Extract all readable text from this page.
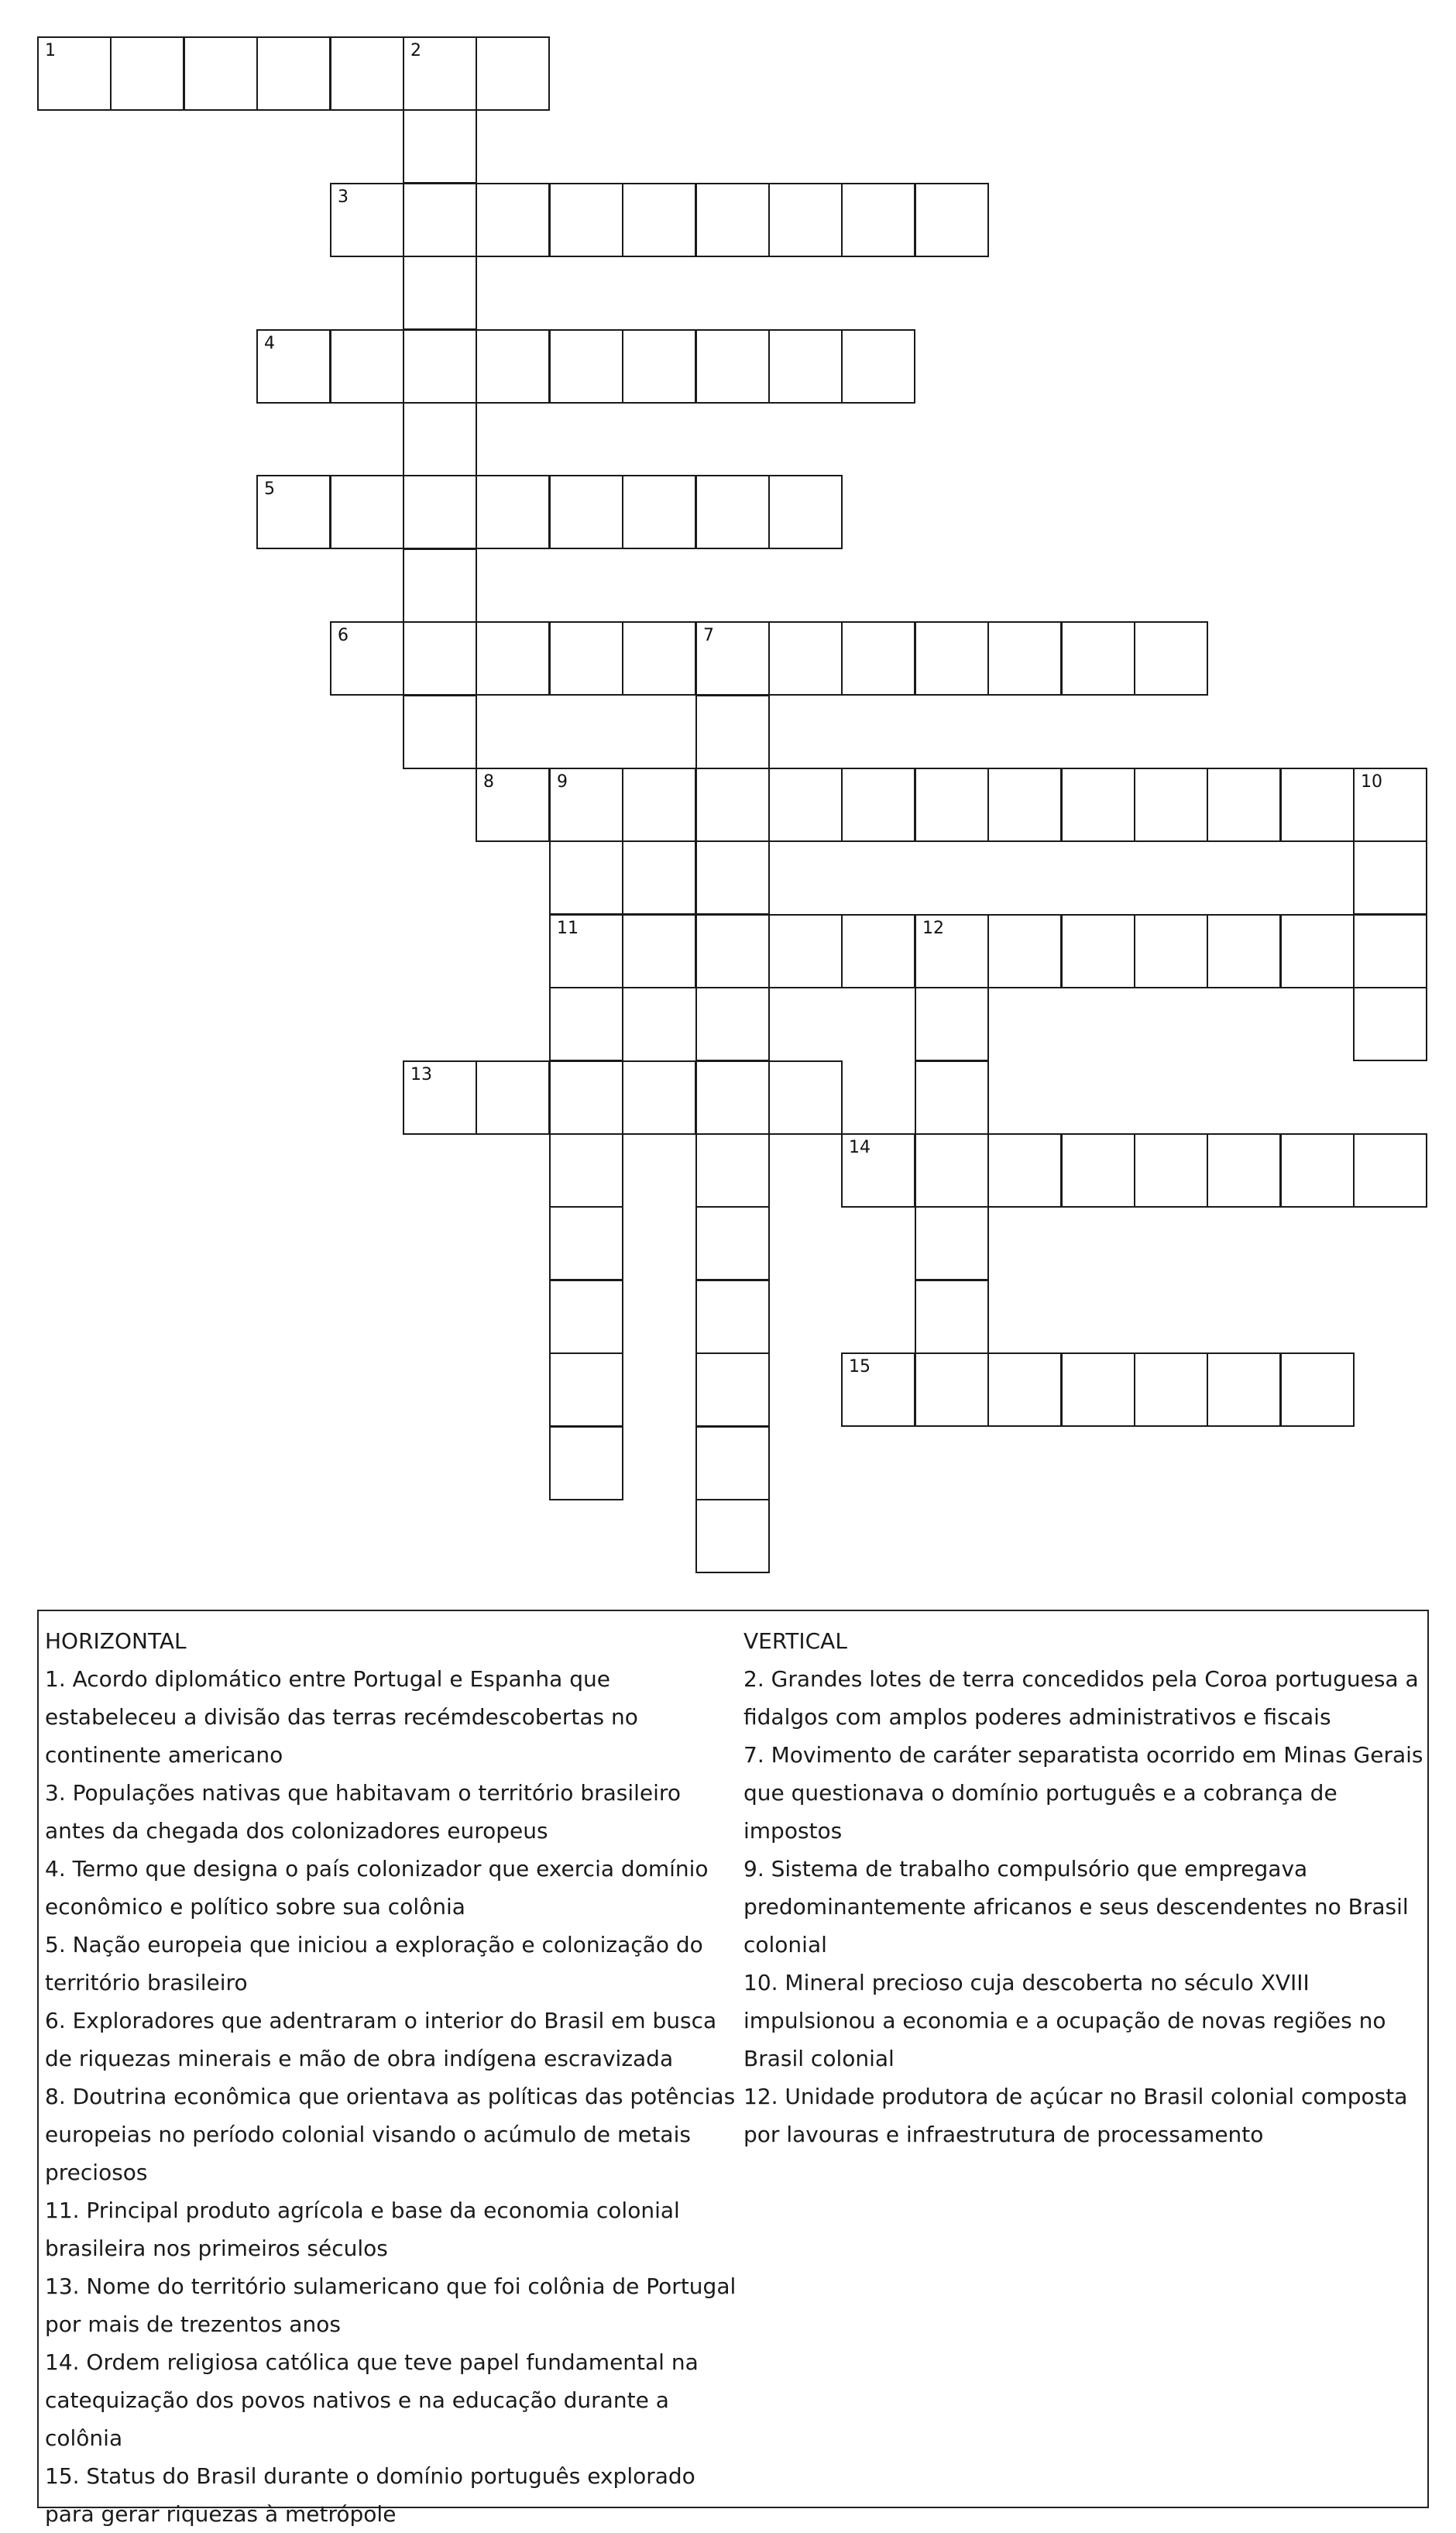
1	2
3
4
5
6	7
8	9	10
11	12
13
14
15

HORIZONTAL

1. Acordo diplomático entre Portugal e Espanha que estabeleceu a divisão das terras recémdescobertas no continente americano

3. Populações nativas que habitavam o território brasileiro antes da chegada dos colonizadores europeus

4. Termo que designa o país colonizador que exercia domínio econômico e político sobre sua colônia

5. Nação europeia que iniciou a exploração e colonização do território brasileiro

6. Exploradores que adentraram o interior do Brasil em busca de riquezas minerais e mão de obra indígena escravizada

8. Doutrina econômica que orientava as políticas das potências europeias no período colonial visando o acúmulo de metais preciosos

11. Principal produto agrícola e base da economia colonial brasileira nos primeiros séculos

13. Nome do território sulamericano que foi colônia de Portugal por mais de trezentos anos

14. Ordem religiosa católica que teve papel fundamental na catequização dos povos nativos e na educação durante a colônia

15. Status do Brasil durante o domínio português explorado para gerar riquezas à metrópole

VERTICAL

2. Grandes lotes de terra concedidos pela Coroa portuguesa a fidalgos com amplos poderes administrativos e fiscais

7. Movimento de caráter separatista ocorrido em Minas Gerais que questionava o domínio português e a cobrança de impostos

9. Sistema de trabalho compulsório que empregava predominantemente africanos e seus descendentes no Brasil colonial

10. Mineral precioso cuja descoberta no século XVIII impulsionou a economia e a ocupação de novas regiões no Brasil colonial

12. Unidade produtora de açúcar no Brasil colonial composta por lavouras e infraestrutura de processamento
